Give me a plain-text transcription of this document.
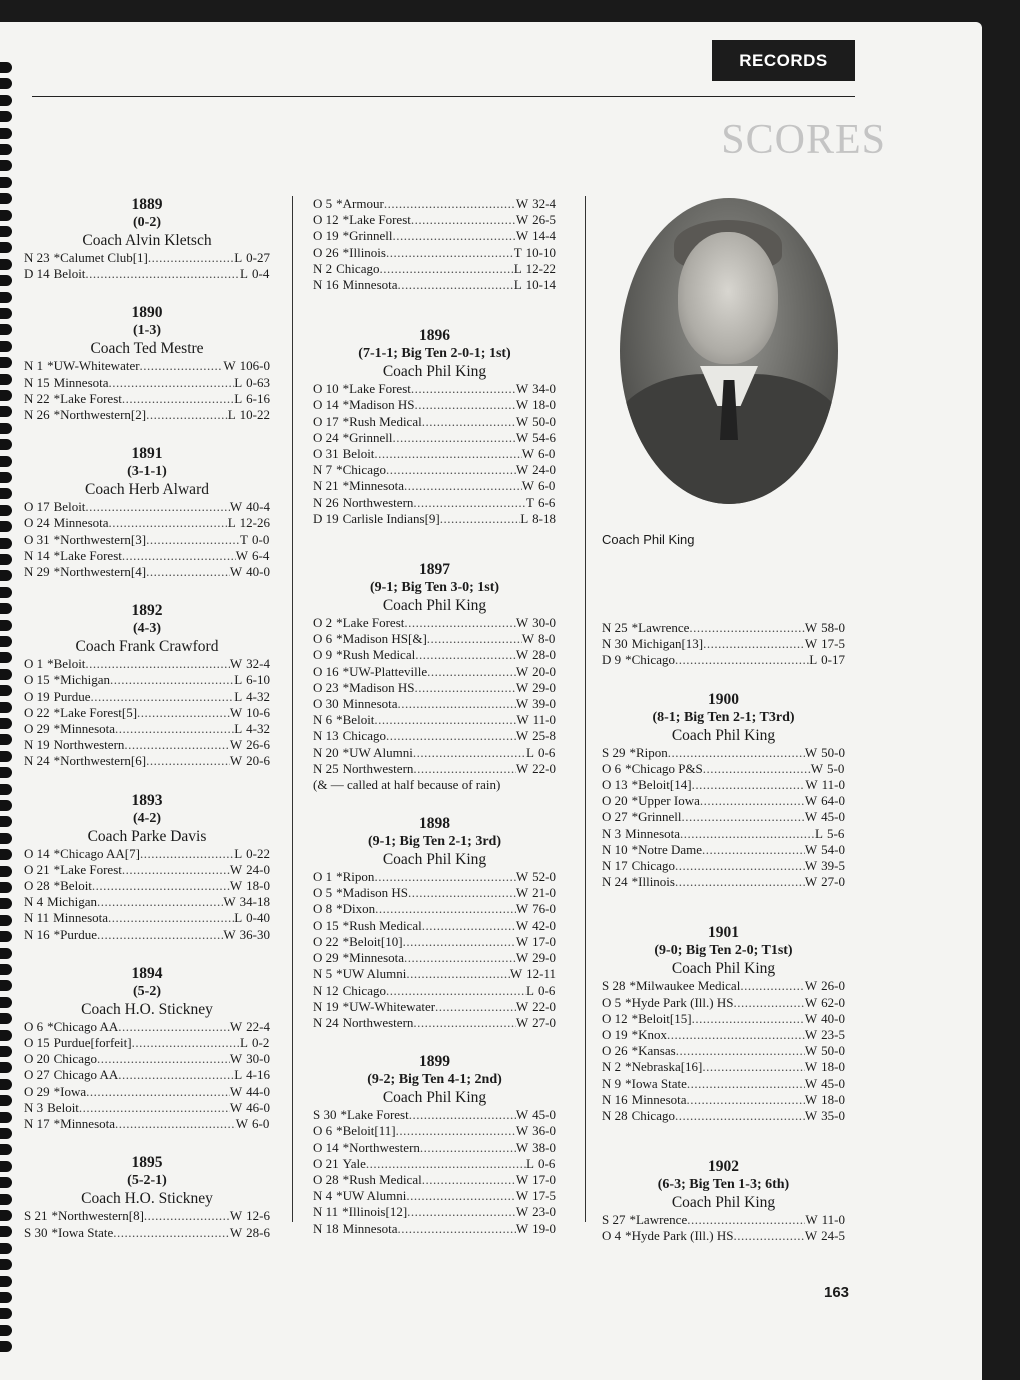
RECORDS
SCORES
1889
(0-2)
Coach Alvin Kletsch
N 23 *Calumet Club[1] .....	L 0-27
D 14 Beloit .....	L 0-4
1890
(1-3)
Coach Ted Mestre
N 1 *UW-Whitewater .....	W 106-0
N 15 Minnesota .....	L 0-63
N 22 *Lake Forest .....	L 6-16
N 26 *Northwestern[2] .....	L 10-22
1891
(3-1-1)
Coach Herb Alward
O 17 Beloit .....	W 40-4
O 24 Minnesota .....	L 12-26
O 31 *Northwestern[3] .....	T 0-0
N 14 *Lake Forest .....	W 6-4
N 29 *Northwestern[4] .....	W 40-0
1892
(4-3)
Coach Frank Crawford
O 1 *Beloit .....	W 32-4
O 15 *Michigan .....	L 6-10
O 19 Purdue .....	L 4-32
O 22 *Lake Forest[5] .....	W 10-6
O 29 *Minnesota .....	L 4-32
N 19 Northwestern .....	W 26-6
N 24 *Northwestern[6] .....	W 20-6
1893
(4-2)
Coach Parke Davis
O 14 *Chicago AA[7] .....	L 0-22
O 21 *Lake Forest .....	W 24-0
O 28 *Beloit .....	W 18-0
N 4 Michigan .....	W 34-18
N 11 Minnesota .....	L 0-40
N 16 *Purdue .....	W 36-30
1894
(5-2)
Coach H.O. Stickney
O 6 *Chicago AA .....	W 22-4
O 15 Purdue[forfeit] .....	L 0-2
O 20 Chicago .....	W 30-0
O 27 Chicago AA .....	L 4-16
O 29 *Iowa .....	W 44-0
N 3 Beloit .....	W 46-0
N 17 *Minnesota .....	W 6-0
1895
(5-2-1)
Coach H.O. Stickney
S 21 *Northwestern[8] .....	W 12-6
S 30 *Iowa State .....	W 28-6
O 5 *Armour .....	W 32-4
O 12 *Lake Forest .....	W 26-5
O 19 *Grinnell .....	W 14-4
O 26 *Illinois .....	T 10-10
N 2 Chicago .....	L 12-22
N 16 Minnesota .....	L 10-14
1896
(7-1-1; Big Ten 2-0-1; 1st)
Coach Phil King
O 10 *Lake Forest .....	W 34-0
O 14 *Madison HS .....	W 18-0
O 17 *Rush Medical .....	W 50-0
O 24 *Grinnell .....	W 54-6
O 31 Beloit .....	W 6-0
N 7 *Chicago .....	W 24-0
N 21 *Minnesota .....	W 6-0
N 26 Northwestern .....	T 6-6
D 19 Carlisle Indians[9] .....	L 8-18
1897
(9-1; Big Ten 3-0; 1st)
Coach Phil King
O 2 *Lake Forest .....	W 30-0
O 6 *Madison HS[&] .....	W 8-0
O 9 *Rush Medical .....	W 28-0
O 16 *UW-Platteville .....	W 20-0
O 23 *Madison HS .....	W 29-0
O 30 Minnesota .....	W 39-0
N 6 *Beloit .....	W 11-0
N 13 Chicago .....	W 25-8
N 20 *UW Alumni .....	L 0-6
N 25 Northwestern .....	W 22-0
(& — called at half because of rain)
1898
(9-1; Big Ten 2-1; 3rd)
Coach Phil King
O 1 *Ripon .....	W 52-0
O 5 *Madison HS .....	W 21-0
O 8 *Dixon .....	W 76-0
O 15 *Rush Medical .....	W 42-0
O 22 *Beloit[10] .....	W 17-0
O 29 *Minnesota .....	W 29-0
N 5 *UW Alumni .....	W 12-11
N 12 Chicago .....	L 0-6
N 19 *UW-Whitewater .....	W 22-0
N 24 Northwestern .....	W 27-0
1899
(9-2; Big Ten 4-1; 2nd)
Coach Phil King
S 30 *Lake Forest .....	W 45-0
O 6 *Beloit[11] .....	W 36-0
O 14 *Northwestern .....	W 38-0
O 21 Yale .....	L 0-6
O 28 *Rush Medical .....	W 17-0
N 4 *UW Alumni .....	W 17-5
N 11 *Illinois[12] .....	W 23-0
N 18 Minnesota .....	W 19-0
Coach Phil King
N 25 *Lawrence .....	W 58-0
N 30 Michigan[13] .....	W 17-5
D 9 *Chicago .....	L 0-17
1900
(8-1; Big Ten 2-1; T3rd)
Coach Phil King
S 29 *Ripon .....	W 50-0
O 6 *Chicago P&S .....	W 5-0
O 13 *Beloit[14] .....	W 11-0
O 20 *Upper Iowa .....	W 64-0
O 27 *Grinnell .....	W 45-0
N 3 Minnesota .....	L 5-6
N 10 *Notre Dame .....	W 54-0
N 17 Chicago .....	W 39-5
N 24 *Illinois .....	W 27-0
1901
(9-0; Big Ten 2-0; T1st)
Coach Phil King
S 28 *Milwaukee Medical .....	W 26-0
O 5 *Hyde Park (Ill.) HS .....	W 62-0
O 12 *Beloit[15] .....	W 40-0
O 19 *Knox .....	W 23-5
O 26 *Kansas .....	W 50-0
N 2 *Nebraska[16] .....	W 18-0
N 9 *Iowa State .....	W 45-0
N 16 Minnesota .....	W 18-0
N 28 Chicago .....	W 35-0
1902
(6-3; Big Ten 1-3; 6th)
Coach Phil King
S 27 *Lawrence .....	W 11-0
O 4 *Hyde Park (Ill.) HS .....	W 24-5
163
